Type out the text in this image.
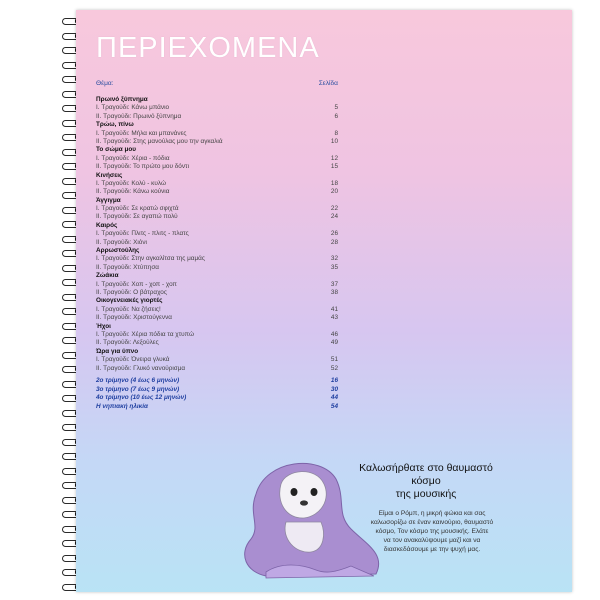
ΠΕΡΙΕΧΟΜΕΝΑ
Θέμα:	Σελίδα
Πρωινό ξύπνημα
I. Τραγούδι: Κάνω μπάνιο	5
II. Τραγούδι: Πρωινό ξύπνημα	6
Τρώω, πίνω
I. Τραγούδι: Μήλα και μπανάνες	8
II. Τραγούδι: Στης μανούλας μου την αγκαλιά	10
Το σώμα μου
I. Τραγούδι: Χέρια - πόδια	12
II. Τραγούδι: Το πρώτο μου δόντι	15
Κινήσεις
I. Τραγούδι: Κολύ - κυλώ	18
II. Τραγούδι: Κάνω κούνια	20
Άγγιγμα
I. Τραγούδι: Σε κρατώ σφιχτά	22
II. Τραγούδι: Σε αγαπώ πολύ	24
Καιρός
I. Τραγούδι: Πλιτς - πλιτς - πλατς	26
II. Τραγούδι: Χιόνι	28
Αρρωστούλης
I. Τραγούδι: Στην αγκαλίτσα της μαμάς	32
II. Τραγούδι: Χτύπησα	35
Ζώάκια
I. Τραγούδι: Χοπ - χοπ - χοπ	37
II. Τραγούδι: Ο βάτραχος	38
Οικογενειακές γιορτές
I. Τραγούδι: Να ζήσεις!	41
II. Τραγούδι: Χριστούγεννα	43
Ήχοι
I. Τραγούδι: Χέρια πόδια τα χτυπώ	46
II. Τραγούδι: Λεξούλες	49
Ώρα για ύπνο
I. Τραγούδι: Όνειρα γλυκά	51
II. Τραγούδι: Γλυκό νανούρισμα	52
2ο τρίμηνο (4 έως 6 μηνών)	16
3ο τρίμηνο (7 έως 9 μηνών)	30
4ο τρίμηνο (10 έως 12 μηνών)	44
Η νηπιακή ηλικία	54
Καλωσήρθατε στο θαυμαστό
κόσμο
της μουσικής
Είμαι ο Ρόμπ, η μικρή φώκια και σας
καλωσορίζω σε έναν καινούριο, θαυμαστό
κόσμο, Τον κόσμο της μουσικής. Ελάτε
να τον ανακαλύψουμε μαζί και να
διασκεδάσουμε με την ψυχή μας.
